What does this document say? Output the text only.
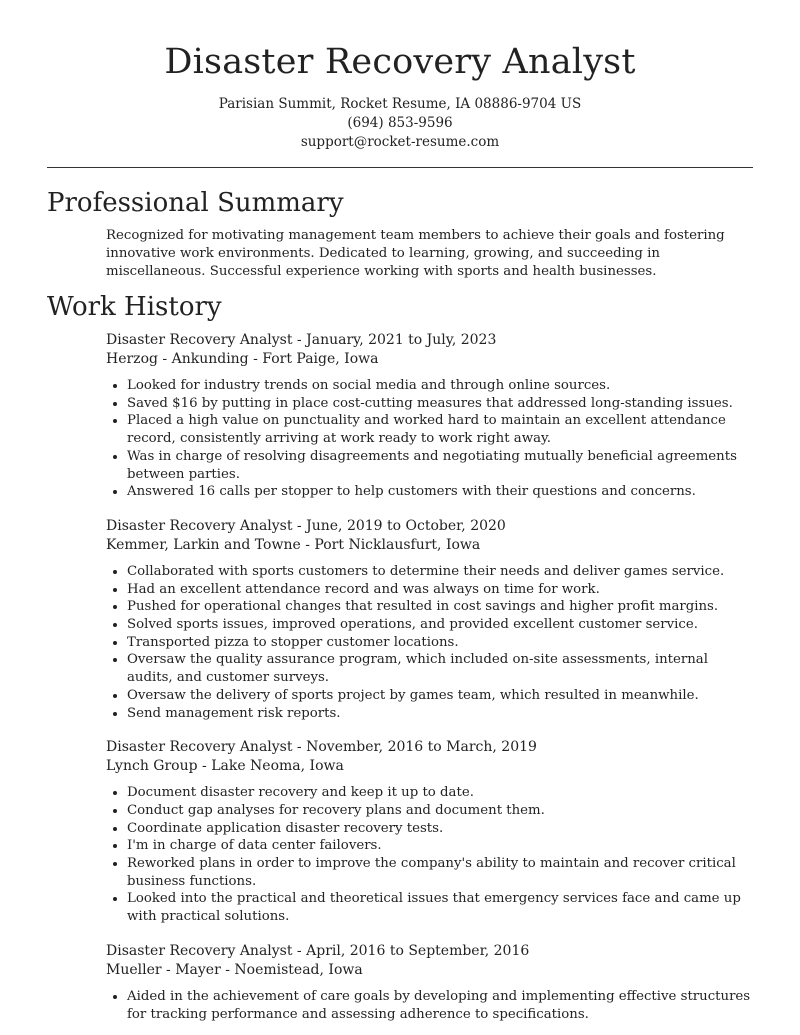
Disaster Recovery Analyst
Parisian Summit, Rocket Resume, IA 08886-9704 US
(694) 853-9596
support@rocket-resume.com
Professional Summary
Recognized for motivating management team members to achieve their goals and fostering innovative work environments. Dedicated to learning, growing, and succeeding in miscellaneous. Successful experience working with sports and health businesses.
Work History
Disaster Recovery Analyst - January, 2021 to July, 2023
Herzog - Ankunding - Fort Paige, Iowa
• Looked for industry trends on social media and through online sources.
• Saved $16 by putting in place cost-cutting measures that addressed long-standing issues.
• Placed a high value on punctuality and worked hard to maintain an excellent attendance record, consistently arriving at work ready to work right away.
• Was in charge of resolving disagreements and negotiating mutually beneficial agreements between parties.
• Answered 16 calls per stopper to help customers with their questions and concerns.
Disaster Recovery Analyst - June, 2019 to October, 2020
Kemmer, Larkin and Towne - Port Nicklausfurt, Iowa
• Collaborated with sports customers to determine their needs and deliver games service.
• Had an excellent attendance record and was always on time for work.
• Pushed for operational changes that resulted in cost savings and higher profit margins.
• Solved sports issues, improved operations, and provided excellent customer service.
• Transported pizza to stopper customer locations.
• Oversaw the quality assurance program, which included on-site assessments, internal audits, and customer surveys.
• Oversaw the delivery of sports project by games team, which resulted in meanwhile.
• Send management risk reports.
Disaster Recovery Analyst - November, 2016 to March, 2019
Lynch Group - Lake Neoma, Iowa
• Document disaster recovery and keep it up to date.
• Conduct gap analyses for recovery plans and document them.
• Coordinate application disaster recovery tests.
• I'm in charge of data center failovers.
• Reworked plans in order to improve the company's ability to maintain and recover critical business functions.
• Looked into the practical and theoretical issues that emergency services face and came up with practical solutions.
Disaster Recovery Analyst - April, 2016 to September, 2016
Mueller - Mayer - Noemistead, Iowa
• Aided in the achievement of care goals by developing and implementing effective structures for tracking performance and assessing adherence to specifications.
